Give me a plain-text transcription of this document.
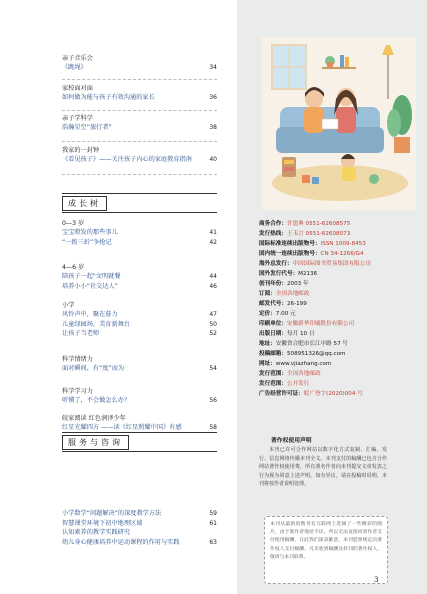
亲子音乐会
《跳绳》	34
家校面对面
如何做为能与孩子有效沟通的家长	36
亲子学科学
浩瀚星空“旅行者”	38
我家的一封钟
《看见孩子》——关注孩子内心的家庭教育指南	40
成长树
0—3 岁
宝宝瞪发的那些事儿	41
“一拨三折”争抢记	42
4—6 岁
陪孩子一起"文明就餐	44
培养小小“社交达人”	46
小学
风铃声中，聚在暮力	47
儿童绿园场，美育新舞台	50
让孩子当老师	52
科学情绪力
面对瞬间，有“度”而为	54
科学学习力
听懂了，不会做怎么办？	56
皖家阅读 红色润泽少年
红星光耀四方 ——读《红星照耀中国》有感	58
服务与咨询
小学数学“问题解决”的深度教学方法	59
智慧课堂环境下初中地理区域	61
认知素养的教学实践研究
幼儿身心健康培养中运动课程的作用与实践	63
商务合作：许恩典 0551-62608575
发行热线：王韦言 0551-62608073
国际标准连续出版物号：ISSN 1009-8453
国内统一连续出版物号：CN 34-1266/G4
海外总发行：中国国际图书贸易集团有限公司
国外发行代号：M2136
创刊年份：2003 年
订阅：全国各地邮政
邮发代号：26-199
定价：7.00 元
印刷单位：安徽新华印刷股份有限公司
出版日期：每月 10 日
地址：安徽省合肥市长江中路 57 号
投稿邮箱：508951326@qq.com
网址：www.vjiazhang.com
发行范围：全国各地邮政
发行范围：公开发行
广告经营许可证：皖广登字(2020)004 号
著作权使用声明
本刊已许可合作网站以数字化方式复制、汇编、发行、信息网络传播本刊全文。本刊支付的稿酬已包含合作网站著作权使用费，所有署名作者向本刊提交文章发表之行为视为同意上述声明。如有异议，请在投稿时说明，本刊将按作者说明处理。
本刊从最新的数刊有互联网上选摘了一些精彩的图片，由于联作者地址不详，所以无法直接同原作者支付使用稿酬，在此我们深表歉意，本刊愿照规定向著作权人支付稿酬。凡未收到稿酬及样刊的著作权人，敬请与本刊联系。
3
